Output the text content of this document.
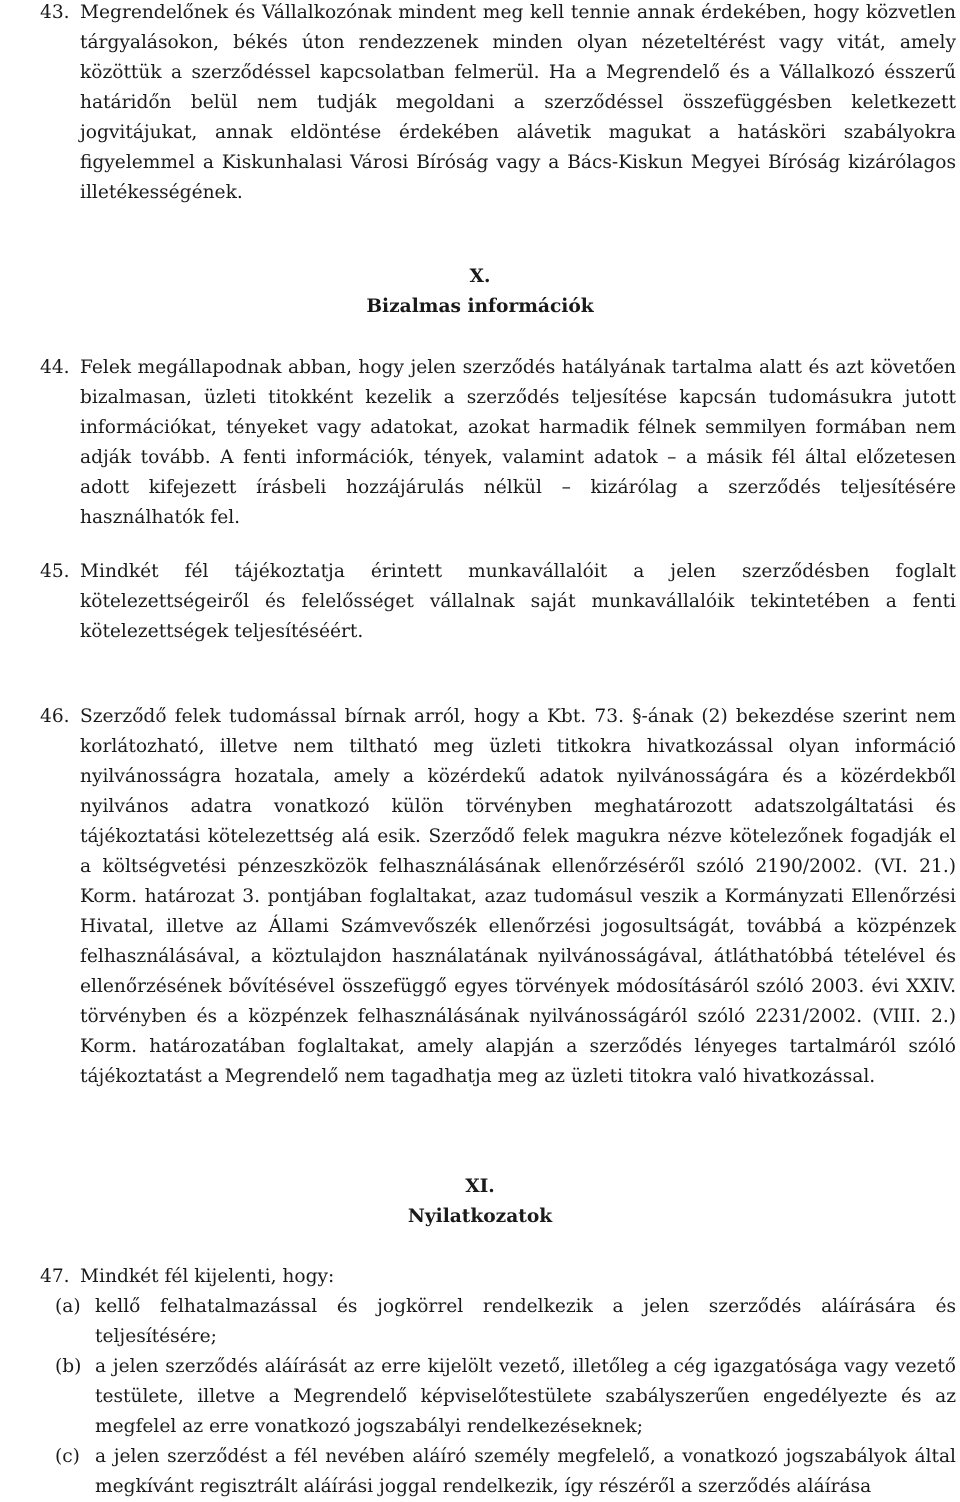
43. Megrendelőnek és Vállalkozónak mindent meg kell tennie annak érdekében, hogy közvetlen tárgyalásokon, békés úton rendezzenek minden olyan nézeteltérést vagy vitát, amely közöttük a szerződéssel kapcsolatban felmerül. Ha a Megrendelő és a Vállalkozó ésszerű határidőn belül nem tudják megoldani a szerződéssel összefüggésben keletkezett jogvitájukat, annak eldöntése érdekében alávetik magukat a hatásköri szabályokra figyelemmel a Kiskunhalasi Városi Bíróság vagy a Bács-Kiskun Megyei Bíróság kizárólagos illetékességének.
X.
Bizalmas információk
44. Felek megállapodnak abban, hogy jelen szerződés hatályának tartalma alatt és azt követően bizalmasan, üzleti titokként kezelik a szerződés teljesítése kapcsán tudomásukra jutott információkat, tényeket vagy adatokat, azokat harmadik félnek semmilyen formában nem adják tovább. A fenti információk, tények, valamint adatok – a másik fél által előzetesen adott kifejezett írásbeli hozzájárulás nélkül – kizárólag a szerződés teljesítésére használhatók fel.
45. Mindkét fél tájékoztatja érintett munkavállalóit a jelen szerződésben foglalt kötelezettségeiről és felelősséget vállalnak saját munkavállalóik tekintetében a fenti kötelezettségek teljesítéséért.
46. Szerződő felek tudomással bírnak arról, hogy a Kbt. 73. §-ának (2) bekezdése szerint nem korlátozható, illetve nem tiltható meg üzleti titkokra hivatkozással olyan információ nyilvánosságra hozatala, amely a közérdekű adatok nyilvánosságára és a közérdekből nyilvános adatra vonatkozó külön törvényben meghatározott adatszolgáltatási és tájékoztatási kötelezettség alá esik. Szerződő felek magukra nézve kötelezőnek fogadják el a költségvetési pénzeszközök felhasználásának ellenőrzéséről szóló 2190/2002. (VI. 21.) Korm. határozat 3. pontjában foglaltakat, azaz tudomásul veszik a Kormányzati Ellenőrzési Hivatal, illetve az Állami Számvevőszék ellenőrzési jogosultságát, továbbá a közpénzek felhasználásával, a köztulajdon használatának nyilvánosságával, átláthatóbbá tételével és ellenőrzésének bővítésével összefüggő egyes törvények módosításáról szóló 2003. évi XXIV. törvényben és a közpénzek felhasználásának nyilvánosságáról szóló 2231/2002. (VIII. 2.) Korm. határozatában foglaltakat, amely alapján a szerződés lényeges tartalmáról szóló tájékoztatást a Megrendelő nem tagadhatja meg az üzleti titokra való hivatkozással.
XI.
Nyilatkozatok
47. Mindkét fél kijelenti, hogy:
(a) kellő felhatalmazással és jogkörrel rendelkezik a jelen szerződés aláírására és teljesítésére;
(b) a jelen szerződés aláírását az erre kijelölt vezető, illetőleg a cég igazgatósága vagy vezető testülete, illetve a Megrendelő képviselőtestülete szabályszerűen engedélyezte és az megfelel az erre vonatkozó jogszabályi rendelkezéseknek;
(c) a jelen szerződést a fél nevében aláíró személy megfelelő, a vonatkozó jogszabályok által megkívánt regisztrált aláírási joggal rendelkezik, így részéről a szerződés aláírása
